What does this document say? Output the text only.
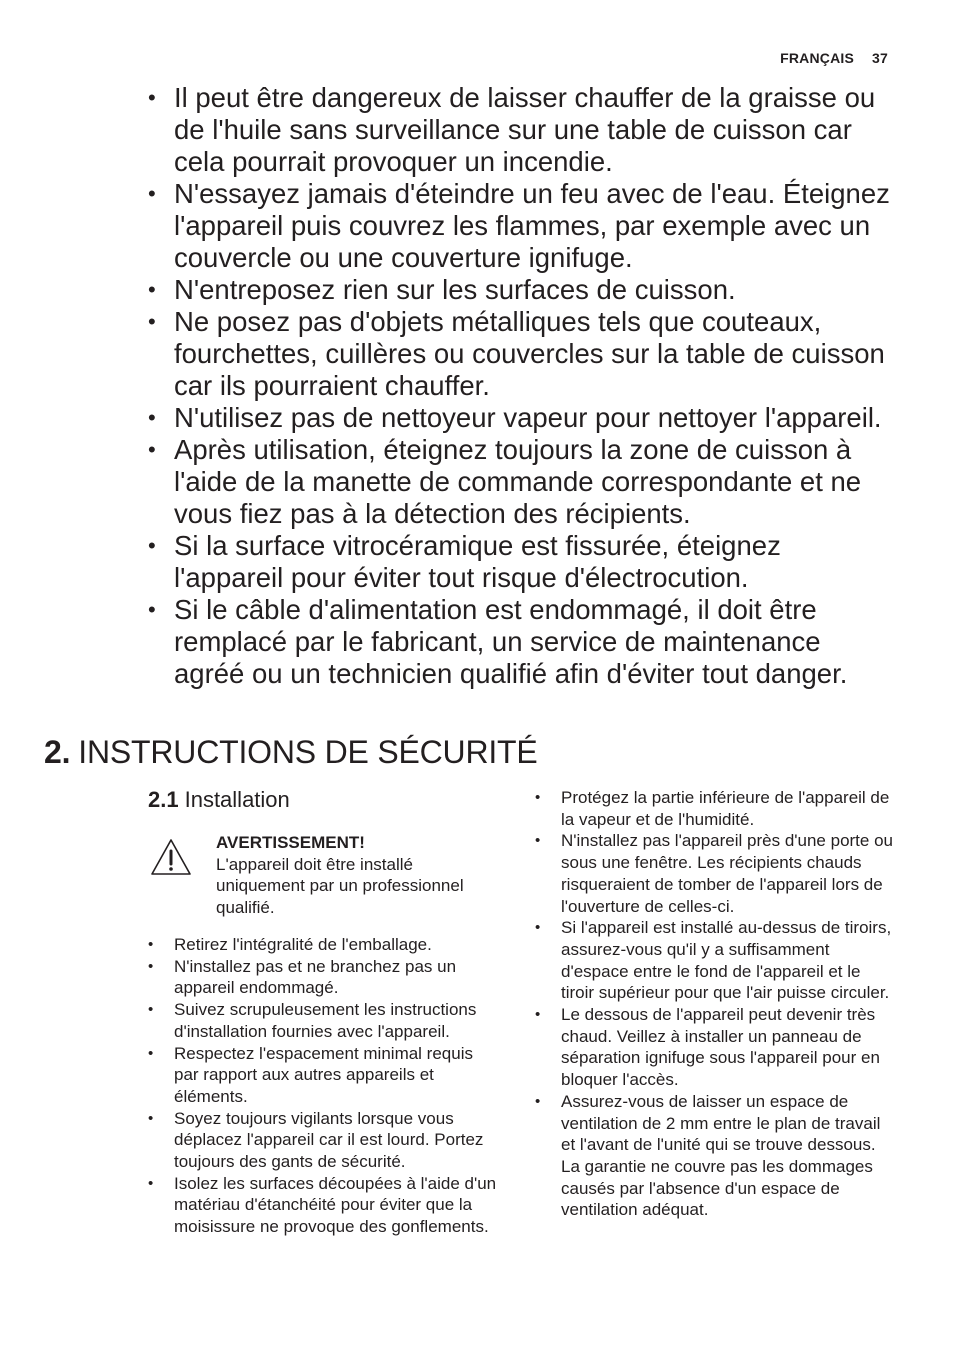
FRANÇAIS 37
• Il peut être dangereux de laisser chauffer de la graisse ou de l'huile sans surveillance sur une table de cuisson car cela pourrait provoquer un incendie.
• N'essayez jamais d'éteindre un feu avec de l'eau. Éteignez l'appareil puis couvrez les flammes, par exemple avec un couvercle ou une couverture ignifuge.
• N'entreposez rien sur les surfaces de cuisson.
• Ne posez pas d'objets métalliques tels que couteaux, fourchettes, cuillères ou couvercles sur la table de cuisson car ils pourraient chauffer.
• N'utilisez pas de nettoyeur vapeur pour nettoyer l'appareil.
• Après utilisation, éteignez toujours la zone de cuisson à l'aide de la manette de commande correspondante et ne vous fiez pas à la détection des récipients.
• Si la surface vitrocéramique est fissurée, éteignez l'appareil pour éviter tout risque d'électrocution.
• Si le câble d'alimentation est endommagé, il doit être remplacé par le fabricant, un service de maintenance agréé ou un technicien qualifié afin d'éviter tout danger.
2. INSTRUCTIONS DE SÉCURITÉ
2.1 Installation
AVERTISSEMENT!
L'appareil doit être installé uniquement par un professionnel qualifié.
• Retirez l'intégralité de l'emballage.
• N'installez pas et ne branchez pas un appareil endommagé.
• Suivez scrupuleusement les instructions d'installation fournies avec l'appareil.
• Respectez l'espacement minimal requis par rapport aux autres appareils et éléments.
• Soyez toujours vigilants lorsque vous déplacez l'appareil car il est lourd. Portez toujours des gants de sécurité.
• Isolez les surfaces découpées à l'aide d'un matériau d'étanchéité pour éviter que la moisissure ne provoque des gonflements.
• Protégez la partie inférieure de l'appareil de la vapeur et de l'humidité.
• N'installez pas l'appareil près d'une porte ou sous une fenêtre. Les récipients chauds risqueraient de tomber de l'appareil lors de l'ouverture de celles-ci.
• Si l'appareil est installé au-dessus de tiroirs, assurez-vous qu'il y a suffisamment d'espace entre le fond de l'appareil et le tiroir supérieur pour que l'air puisse circuler.
• Le dessous de l'appareil peut devenir très chaud. Veillez à installer un panneau de séparation ignifuge sous l'appareil pour en bloquer l'accès.
• Assurez-vous de laisser un espace de ventilation de 2 mm entre le plan de travail et l'avant de l'unité qui se trouve dessous. La garantie ne couvre pas les dommages causés par l'absence d'un espace de ventilation adéquat.
